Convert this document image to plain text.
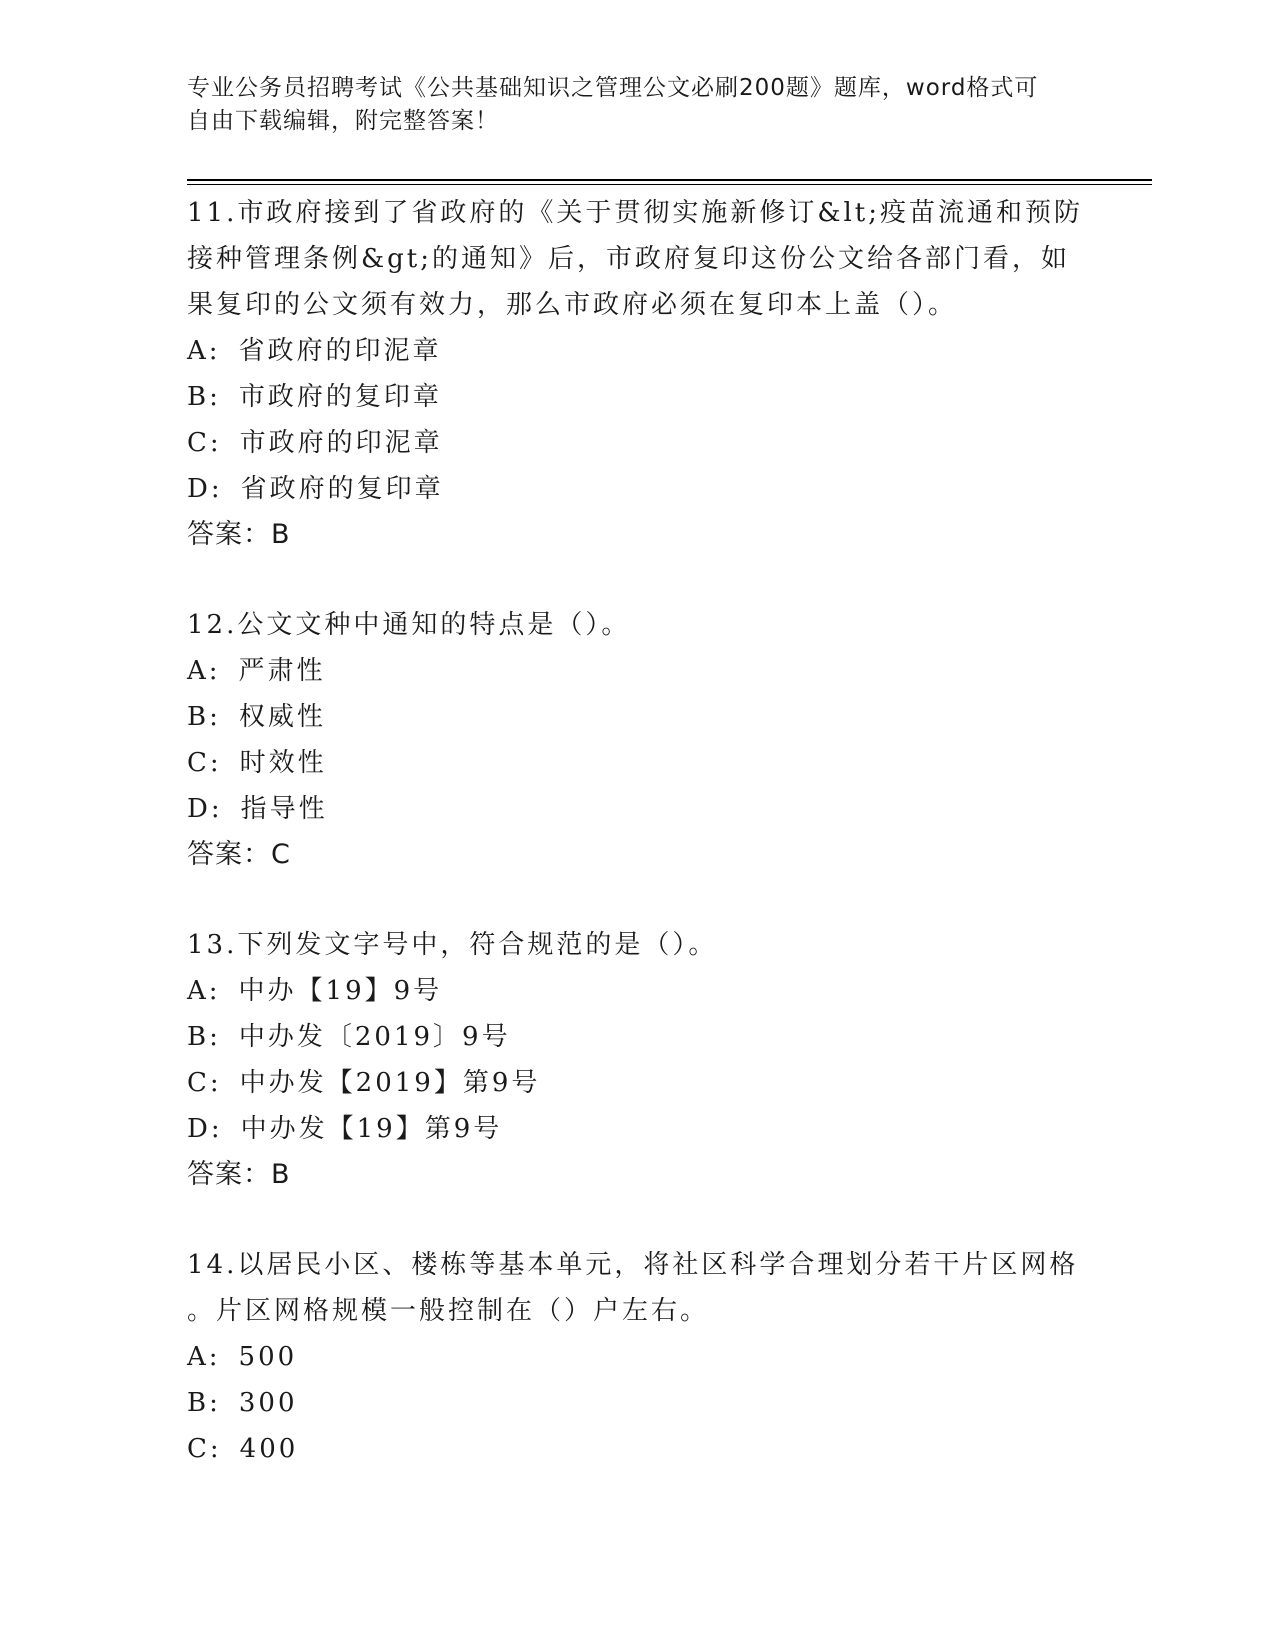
专业公务员招聘考试《公共基础知识之管理公文必刷200题》题库，word格式可
自由下载编辑，附完整答案！

11.市政府接到了省政府的《关于贯彻实施新修订&lt;疫苗流通和预防

接种管理条例&gt;的通知》后，市政府复印这份公文给各部门看，如

果复印的公文须有效力，那么市政府必须在复印本上盖（）。

A: 省政府的印泥章

B: 市政府的复印章

C: 市政府的印泥章

D: 省政府的复印章

答案：B

12.公文文种中通知的特点是（）。

A: 严肃性

B: 权威性

C: 时效性

D: 指导性

答案：C

13.下列发文字号中，符合规范的是（）。

A: 中办【19】9号

B: 中办发〔2019〕9号

C: 中办发【2019】第9号

D: 中办发【19】第9号

答案：B

14.以居民小区、楼栋等基本单元，将社区科学合理划分若干片区网格

。片区网格规模一般控制在（）户左右。

A: 500

B: 300

C: 400
